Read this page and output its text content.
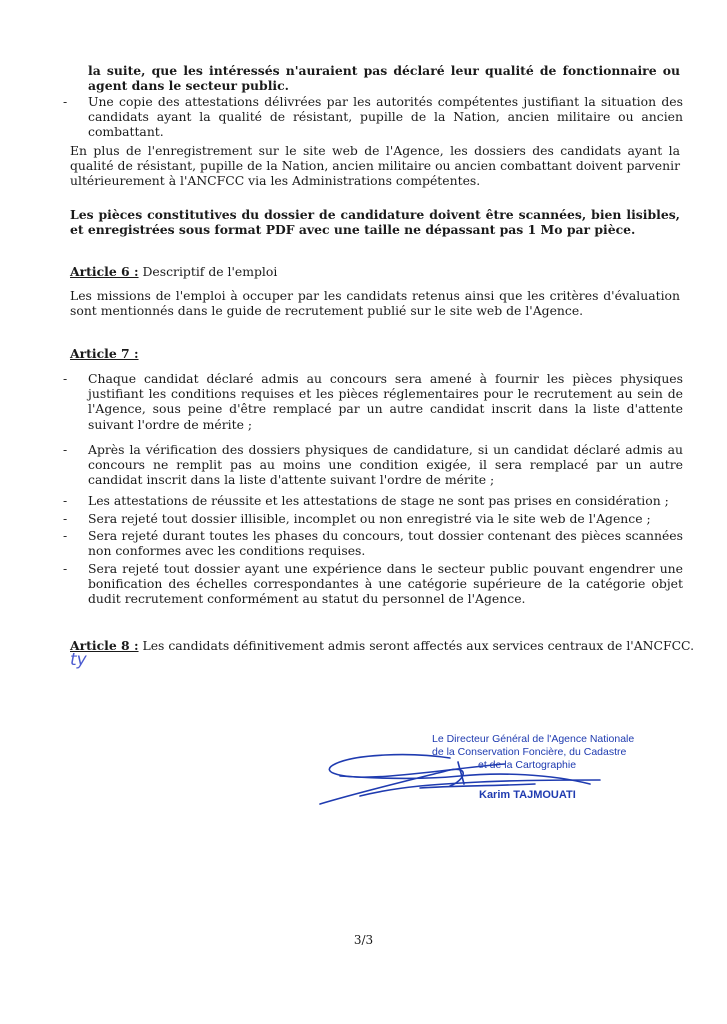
la suite, que les intéressés n'auraient pas déclaré leur qualité de fonctionnaire ou agent dans le secteur public.
-	Une copie des attestations délivrées par les autorités compétentes justifiant la situation des candidats ayant la qualité de résistant, pupille de la Nation, ancien militaire ou ancien combattant.
En plus de l'enregistrement sur le site web de l'Agence, les dossiers des candidats ayant la qualité de résistant, pupille de la Nation, ancien militaire ou ancien combattant doivent parvenir ultérieurement à l'ANCFCC via les Administrations compétentes.
Les pièces constitutives du dossier de candidature doivent être scannées, bien lisibles, et enregistrées sous format PDF avec une taille ne dépassant pas 1 Mo par pièce.
Article 6 : Descriptif de l'emploi
Les missions de l'emploi à occuper par les candidats retenus ainsi que les critères d'évaluation sont mentionnés dans le guide de recrutement publié sur le site web de l'Agence.
Article 7 :
-	Chaque candidat déclaré admis au concours sera amené à fournir les pièces physiques justifiant les conditions requises et les pièces réglementaires pour le recrutement au sein de l'Agence, sous peine d'être remplacé par un autre candidat inscrit dans la liste d'attente suivant l'ordre de mérite ;
-	Après la vérification des dossiers physiques de candidature, si un candidat déclaré admis au concours ne remplit pas au moins une condition exigée, il sera remplacé par un autre candidat inscrit dans la liste d'attente suivant l'ordre de mérite ;
-	Les attestations de réussite et les attestations de stage ne sont pas prises en considération ;
-	Sera rejeté tout dossier illisible, incomplet ou non enregistré via le site web de l'Agence ;
-	Sera rejeté durant toutes les phases du concours, tout dossier contenant des pièces scannées non conformes avec les conditions requises.
-	Sera rejeté tout dossier ayant une expérience dans le secteur public pouvant engendrer une bonification des échelles correspondantes à une catégorie supérieure de la catégorie objet dudit recrutement conformément au statut du personnel de l'Agence.
Article 8 : Les candidats définitivement admis seront affectés aux services centraux de l'ANCFCC. ty
Le Directeur Général de l'Agence Nationale
de la Conservation Foncière, du Cadastre
et de la Cartographie
Karim TAJMOUATI
3/3
